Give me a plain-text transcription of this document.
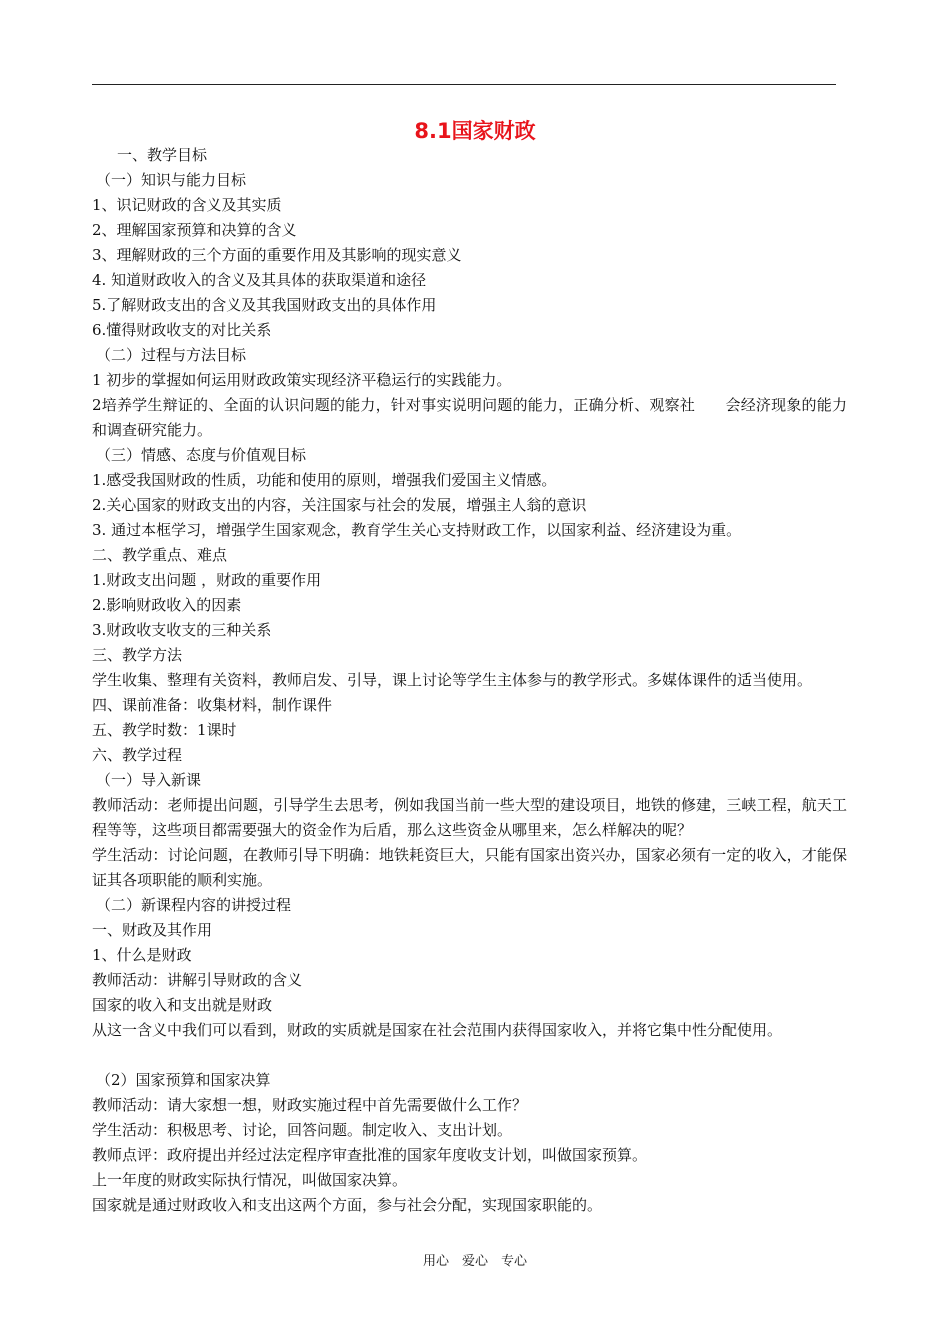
8.1国家财政
一、教学目标
（一）知识与能力目标
1、识记财政的含义及其实质
2、理解国家预算和决算的含义
3、理解财政的三个方面的重要作用及其影响的现实意义
4. 知道财政收入的含义及其具体的获取渠道和途径
5.了解财政支出的含义及其我国财政支出的具体作用
6.懂得财政收支的对比关系
（二）过程与方法目标
1 初步的掌握如何运用财政政策实现经济平稳运行的实践能力。
2培养学生辩证的、全面的认识问题的能力，针对事实说明问题的能力，正确分析、观察社　　会经济现象的能力和调查研究能力。
（三）情感、态度与价值观目标
1.感受我国财政的性质，功能和使用的原则，增强我们爱国主义情感。
2.关心国家的财政支出的内容，关注国家与社会的发展，增强主人翁的意识
3. 通过本框学习，增强学生国家观念，教育学生关心支持财政工作，以国家利益、经济建设为重。
二、教学重点、难点
1.财政支出问题 ，财政的重要作用
2.影响财政收入的因素
3.财政收支收支的三种关系
三、教学方法
学生收集、整理有关资料，教师启发、引导，课上讨论等学生主体参与的教学形式。多媒体课件的适当使用。
四、课前准备：收集材料，制作课件
五、教学时数：1课时
六、教学过程
（一）导入新课
教师活动：老师提出问题，引导学生去思考，例如我国当前一些大型的建设项目，地铁的修建，三峡工程，航天工程等等，这些项目都需要强大的资金作为后盾，那么这些资金从哪里来，怎么样解决的呢？
学生活动：讨论问题，在教师引导下明确：地铁耗资巨大，只能有国家出资兴办，国家必须有一定的收入，才能保证其各项职能的顺利实施。
（二）新课程内容的讲授过程
一、财政及其作用
1、什么是财政
教师活动：讲解引导财政的含义
国家的收入和支出就是财政
从这一含义中我们可以看到，财政的实质就是国家在社会范围内获得国家收入，并将它集中性分配使用。
（2）国家预算和国家决算
教师活动：请大家想一想，财政实施过程中首先需要做什么工作？
学生活动：积极思考、讨论，回答问题。制定收入、支出计划。
教师点评：政府提出并经过法定程序审查批准的国家年度收支计划，叫做国家预算。
上一年度的财政实际执行情况，叫做国家决算。
国家就是通过财政收入和支出这两个方面，参与社会分配，实现国家职能的。
用心　爱心　专心
